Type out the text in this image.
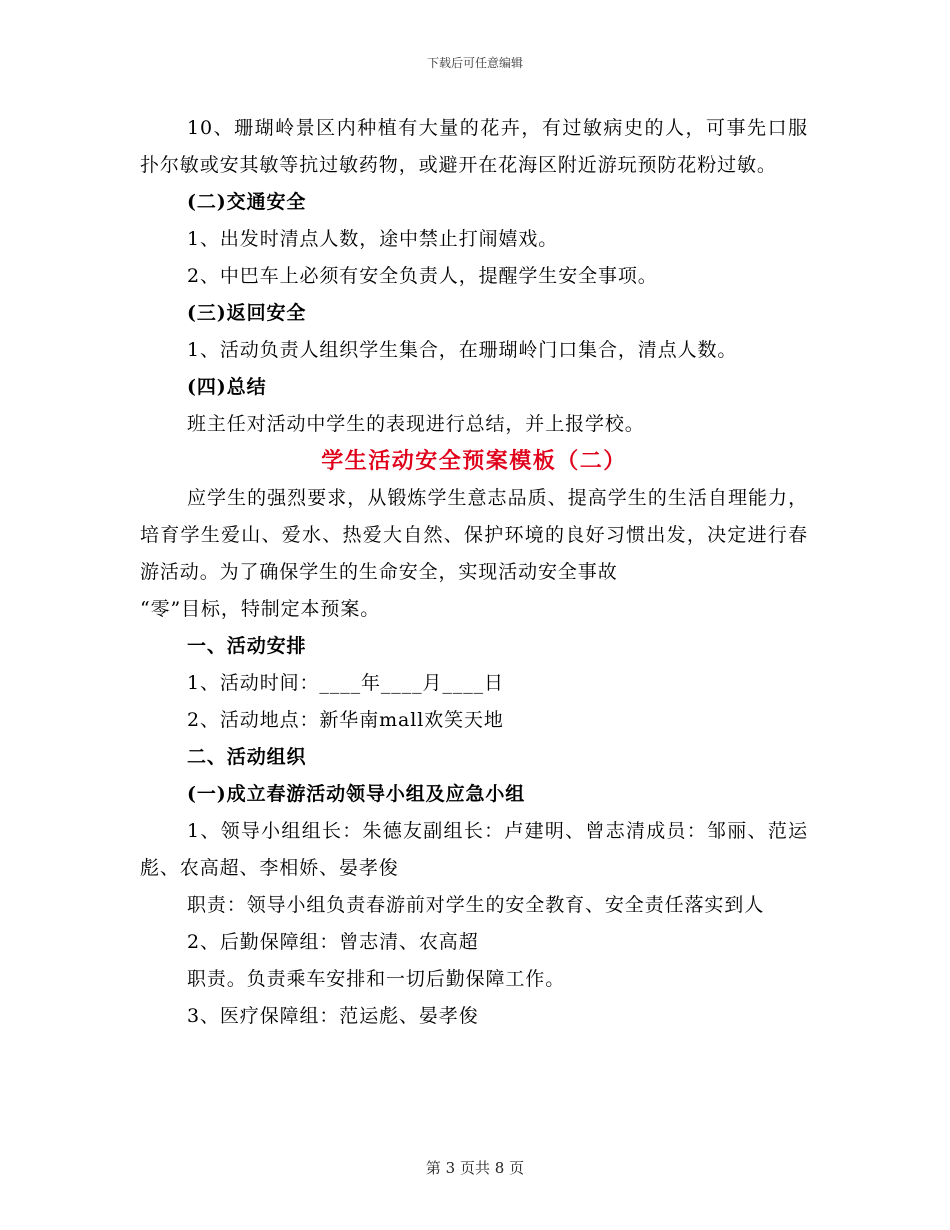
下载后可任意编辑

10、珊瑚岭景区内种植有大量的花卉，有过敏病史的人，可事先口服扑尔敏或安其敏等抗过敏药物，或避开在花海区附近游玩预防花粉过敏。

(二)交通安全

1、出发时清点人数，途中禁止打闹嬉戏。

2、中巴车上必须有安全负责人，提醒学生安全事项。

(三)返回安全

1、活动负责人组织学生集合，在珊瑚岭门口集合，清点人数。

(四)总结

班主任对活动中学生的表现进行总结，并上报学校。

学生活动安全预案模板（二）

应学生的强烈要求，从锻炼学生意志品质、提高学生的生活自理能力，培育学生爱山、爱水、热爱大自然、保护环境的良好习惯出发，决定进行春游活动。为了确保学生的生命安全，实现活动安全事故

“零”目标，特制定本预案。

一、活动安排

1、活动时间：____年____月____日

2、活动地点：新华南mall欢笑天地

二、活动组织

(一)成立春游活动领导小组及应急小组

1、领导小组组长：朱德友副组长：卢建明、曾志清成员：邹丽、范运彪、农高超、李相娇、晏孝俊

职责：领导小组负责春游前对学生的安全教育、安全责任落实到人

2、后勤保障组：曾志清、农高超

职责。负责乘车安排和一切后勤保障工作。

3、医疗保障组：范运彪、晏孝俊

第 3 页共 8 页
